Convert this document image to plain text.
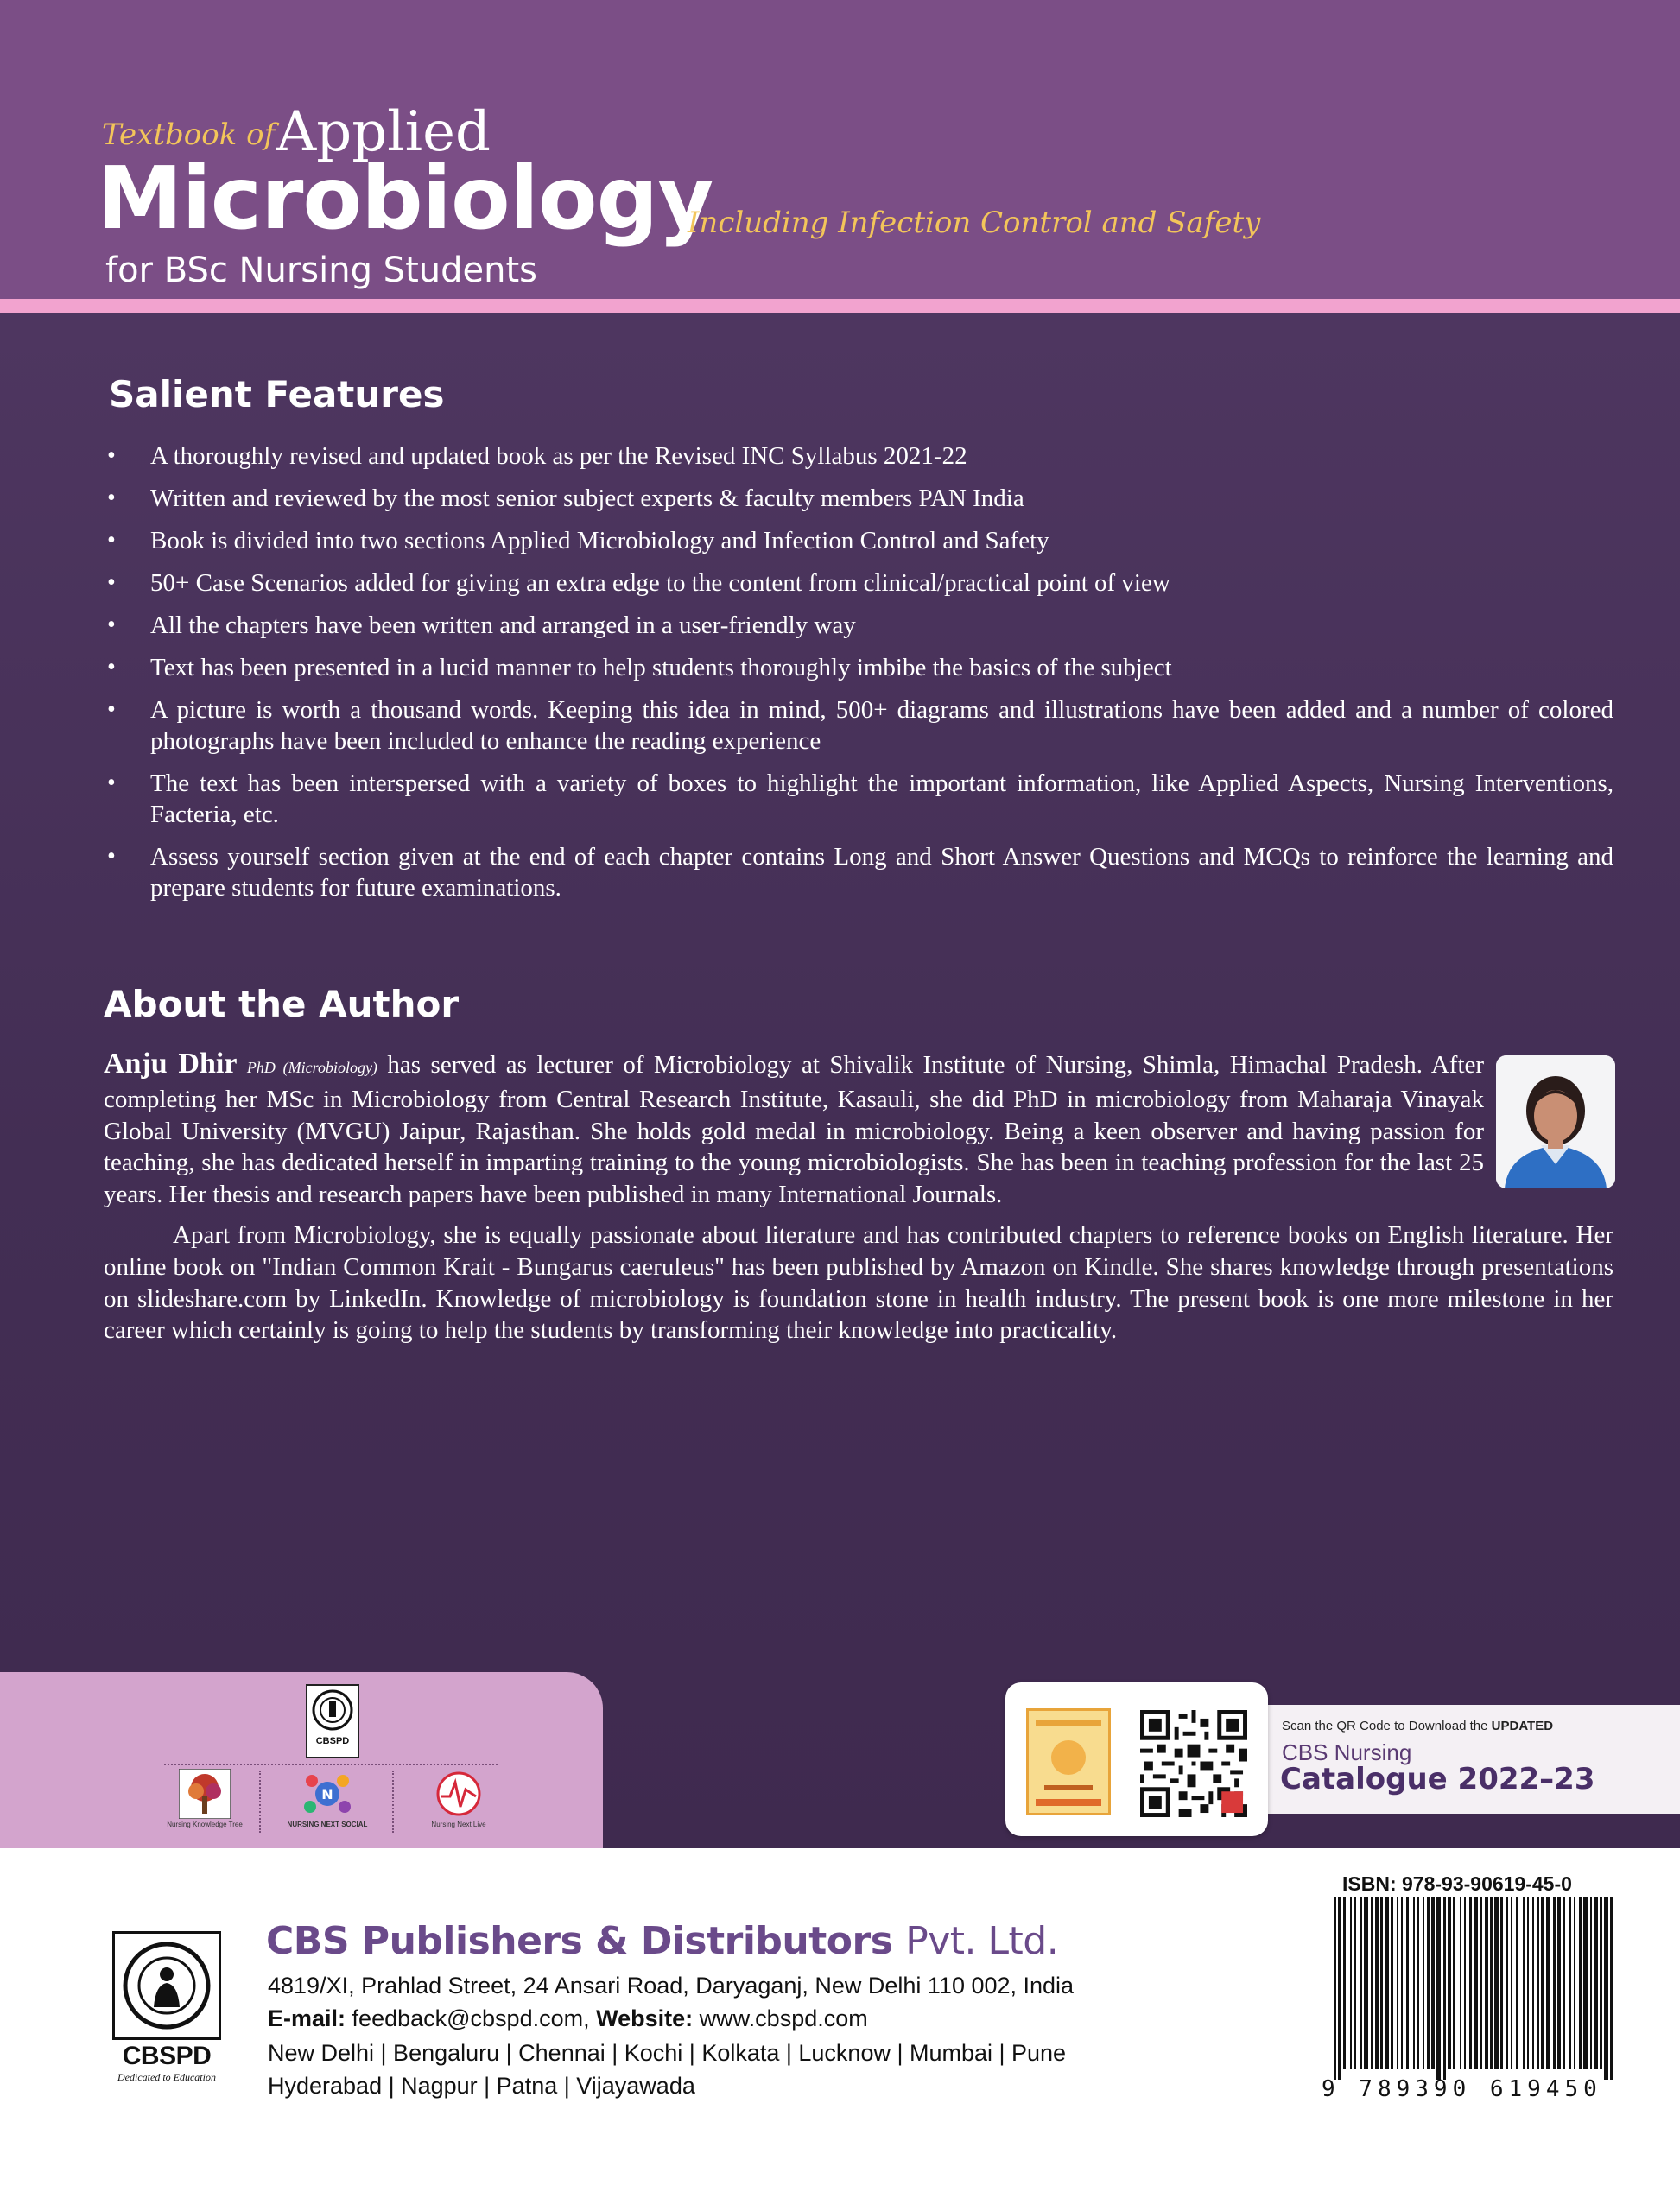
Textbook of Applied
Microbiology
Including Infection Control and Safety
for BSc Nursing Students
Salient Features
• A thoroughly revised and updated book as per the Revised INC Syllabus 2021-22
• Written and reviewed by the most senior subject experts & faculty members PAN India
• Book is divided into two sections Applied Microbiology and Infection Control and Safety
• 50+ Case Scenarios added for giving an extra edge to the content from clinical/practical point of view
• All the chapters have been written and arranged in a user-friendly way
• Text has been presented in a lucid manner to help students thoroughly imbibe the basics of the subject
• A picture is worth a thousand words. Keeping this idea in mind, 500+ diagrams and illustrations have been added and a number of colored photographs have been included to enhance the reading experience
• The text has been interspersed with a variety of boxes to highlight the important information, like Applied Aspects, Nursing Interventions, Facteria, etc.
• Assess yourself section given at the end of each chapter contains Long and Short Answer Questions and MCQs to reinforce the learning and prepare students for future examinations.
About the Author

Anju Dhir PhD (Microbiology) has served as lecturer of Microbiology at Shivalik Institute of Nursing, Shimla, Himachal Pradesh. After completing her MSc in Microbiology from Central Research Institute, Kasauli, she did PhD in microbiology from Maharaja Vinayak Global University (MVGU) Jaipur, Rajasthan. She holds gold medal in microbiology. Being a keen observer and having passion for teaching, she has dedicated herself in imparting training to the young microbiologists. She has been in teaching profession for the last 25 years. Her thesis and research papers have been published in many International Journals.

Apart from Microbiology, she is equally passionate about literature and has contributed chapters to reference books on English literature. Her online book on "Indian Common Krait - Bungarus caeruleus" has been published by Amazon on Kindle. She shares knowledge through presentations on slideshare.com by LinkedIn. Knowledge of microbiology is foundation stone in health industry. The present book is one more milestone in her career which certainly is going to help the students by transforming their knowledge into practicality.

CBSPD
Nursing Knowledge Tree
N
NURSING NEXT SOCIAL	Nursing Next Live
Scan the QR Code to Download the UPDATED
CBS Nursing
Catalogue 2022–23
CBSPD
Dedicated to Education
CBS Publishers & Distributors Pvt. Ltd.
4819/XI, Prahlad Street, 24 Ansari Road, Daryaganj, New Delhi 110 002, India
E-mail: feedback@cbspd.com, Website: www.cbspd.com
New Delhi | Bengaluru | Chennai | Kochi | Kolkata | Lucknow | Mumbai | Pune
Hyderabad | Nagpur | Patna | Vijayawada
ISBN: 978-93-90619-45-0
9 789390 619450
